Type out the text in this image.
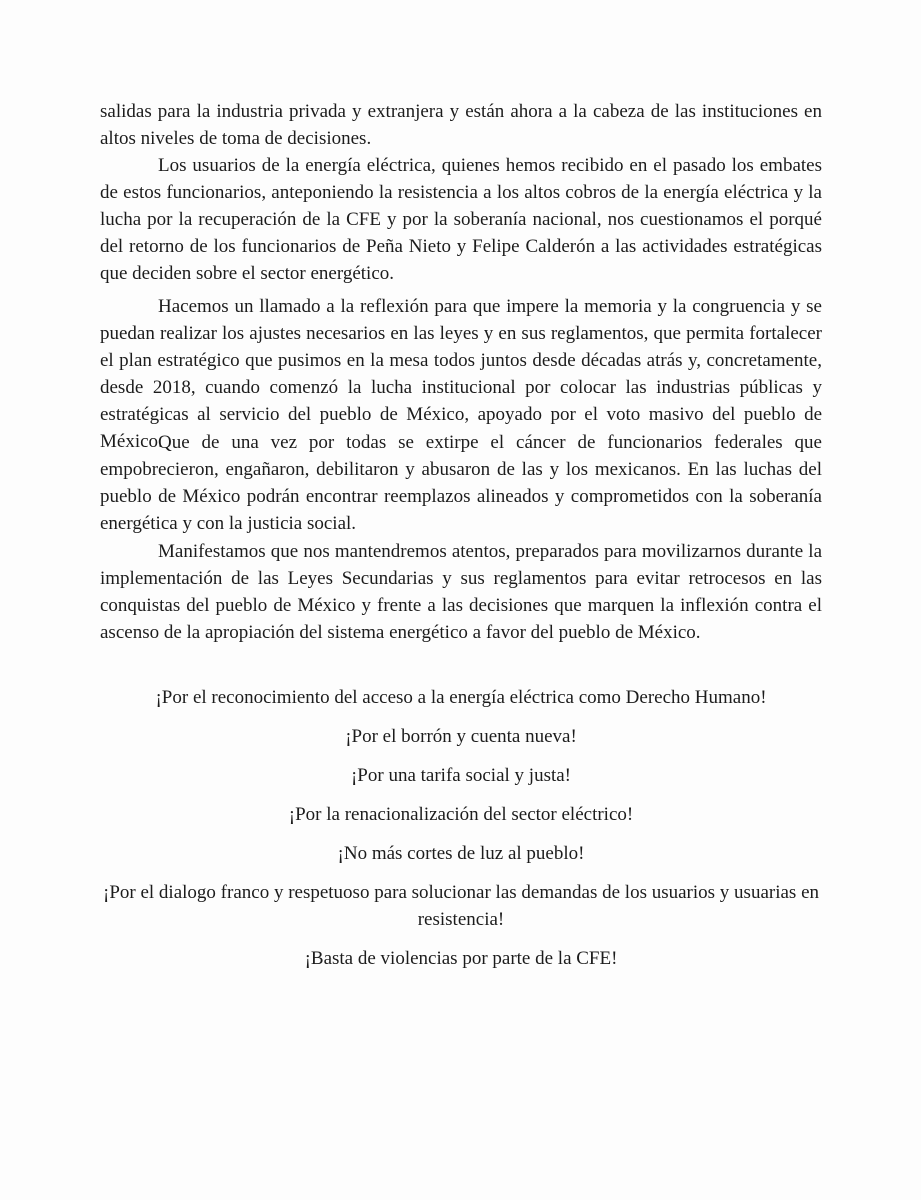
salidas para la industria privada y extranjera y están ahora a la cabeza de las instituciones en altos niveles de toma de decisiones.

Los usuarios de la energía eléctrica, quienes hemos recibido en el pasado los embates de estos funcionarios, anteponiendo la resistencia a los altos cobros de la energía eléctrica y la lucha por la recuperación de la CFE y por la soberanía nacional, nos cuestionamos el porqué del retorno de los funcionarios de Peña Nieto y Felipe Calderón a las actividades estratégicas que deciden sobre el sector energético.

Hacemos un llamado a la reflexión para que impere la memoria y la congruencia y se puedan realizar los ajustes necesarios en las leyes y en sus reglamentos, que permita fortalecer el plan estratégico que pusimos en la mesa todos juntos desde décadas atrás y, concretamente, desde 2018, cuando comenzó la lucha institucional por colocar las industrias públicas y estratégicas al servicio del pueblo de México, apoyado por el voto masivo del pueblo de México.

Que de una vez por todas se extirpe el cáncer de funcionarios federales que empobrecieron, engañaron, debilitaron y abusaron de las y los mexicanos. En las luchas del pueblo de México podrán encontrar reemplazos alineados y comprometidos con la soberanía energética y con la justicia social.

Manifestamos que nos mantendremos atentos, preparados para movilizarnos durante la implementación de las Leyes Secundarias y sus reglamentos para evitar retrocesos en las conquistas del pueblo de México y frente a las decisiones que marquen la inflexión contra el ascenso de la apropiación del sistema energético a favor del pueblo de México.

¡Por el reconocimiento del acceso a la energía eléctrica como Derecho Humano!

¡Por el borrón y cuenta nueva!

¡Por una tarifa social y justa!

¡Por la renacionalización del sector eléctrico!

¡No más cortes de luz al pueblo!

¡Por el dialogo franco y respetuoso para solucionar las demandas de los usuarios y usuarias en resistencia!

¡Basta de violencias por parte de la CFE!
